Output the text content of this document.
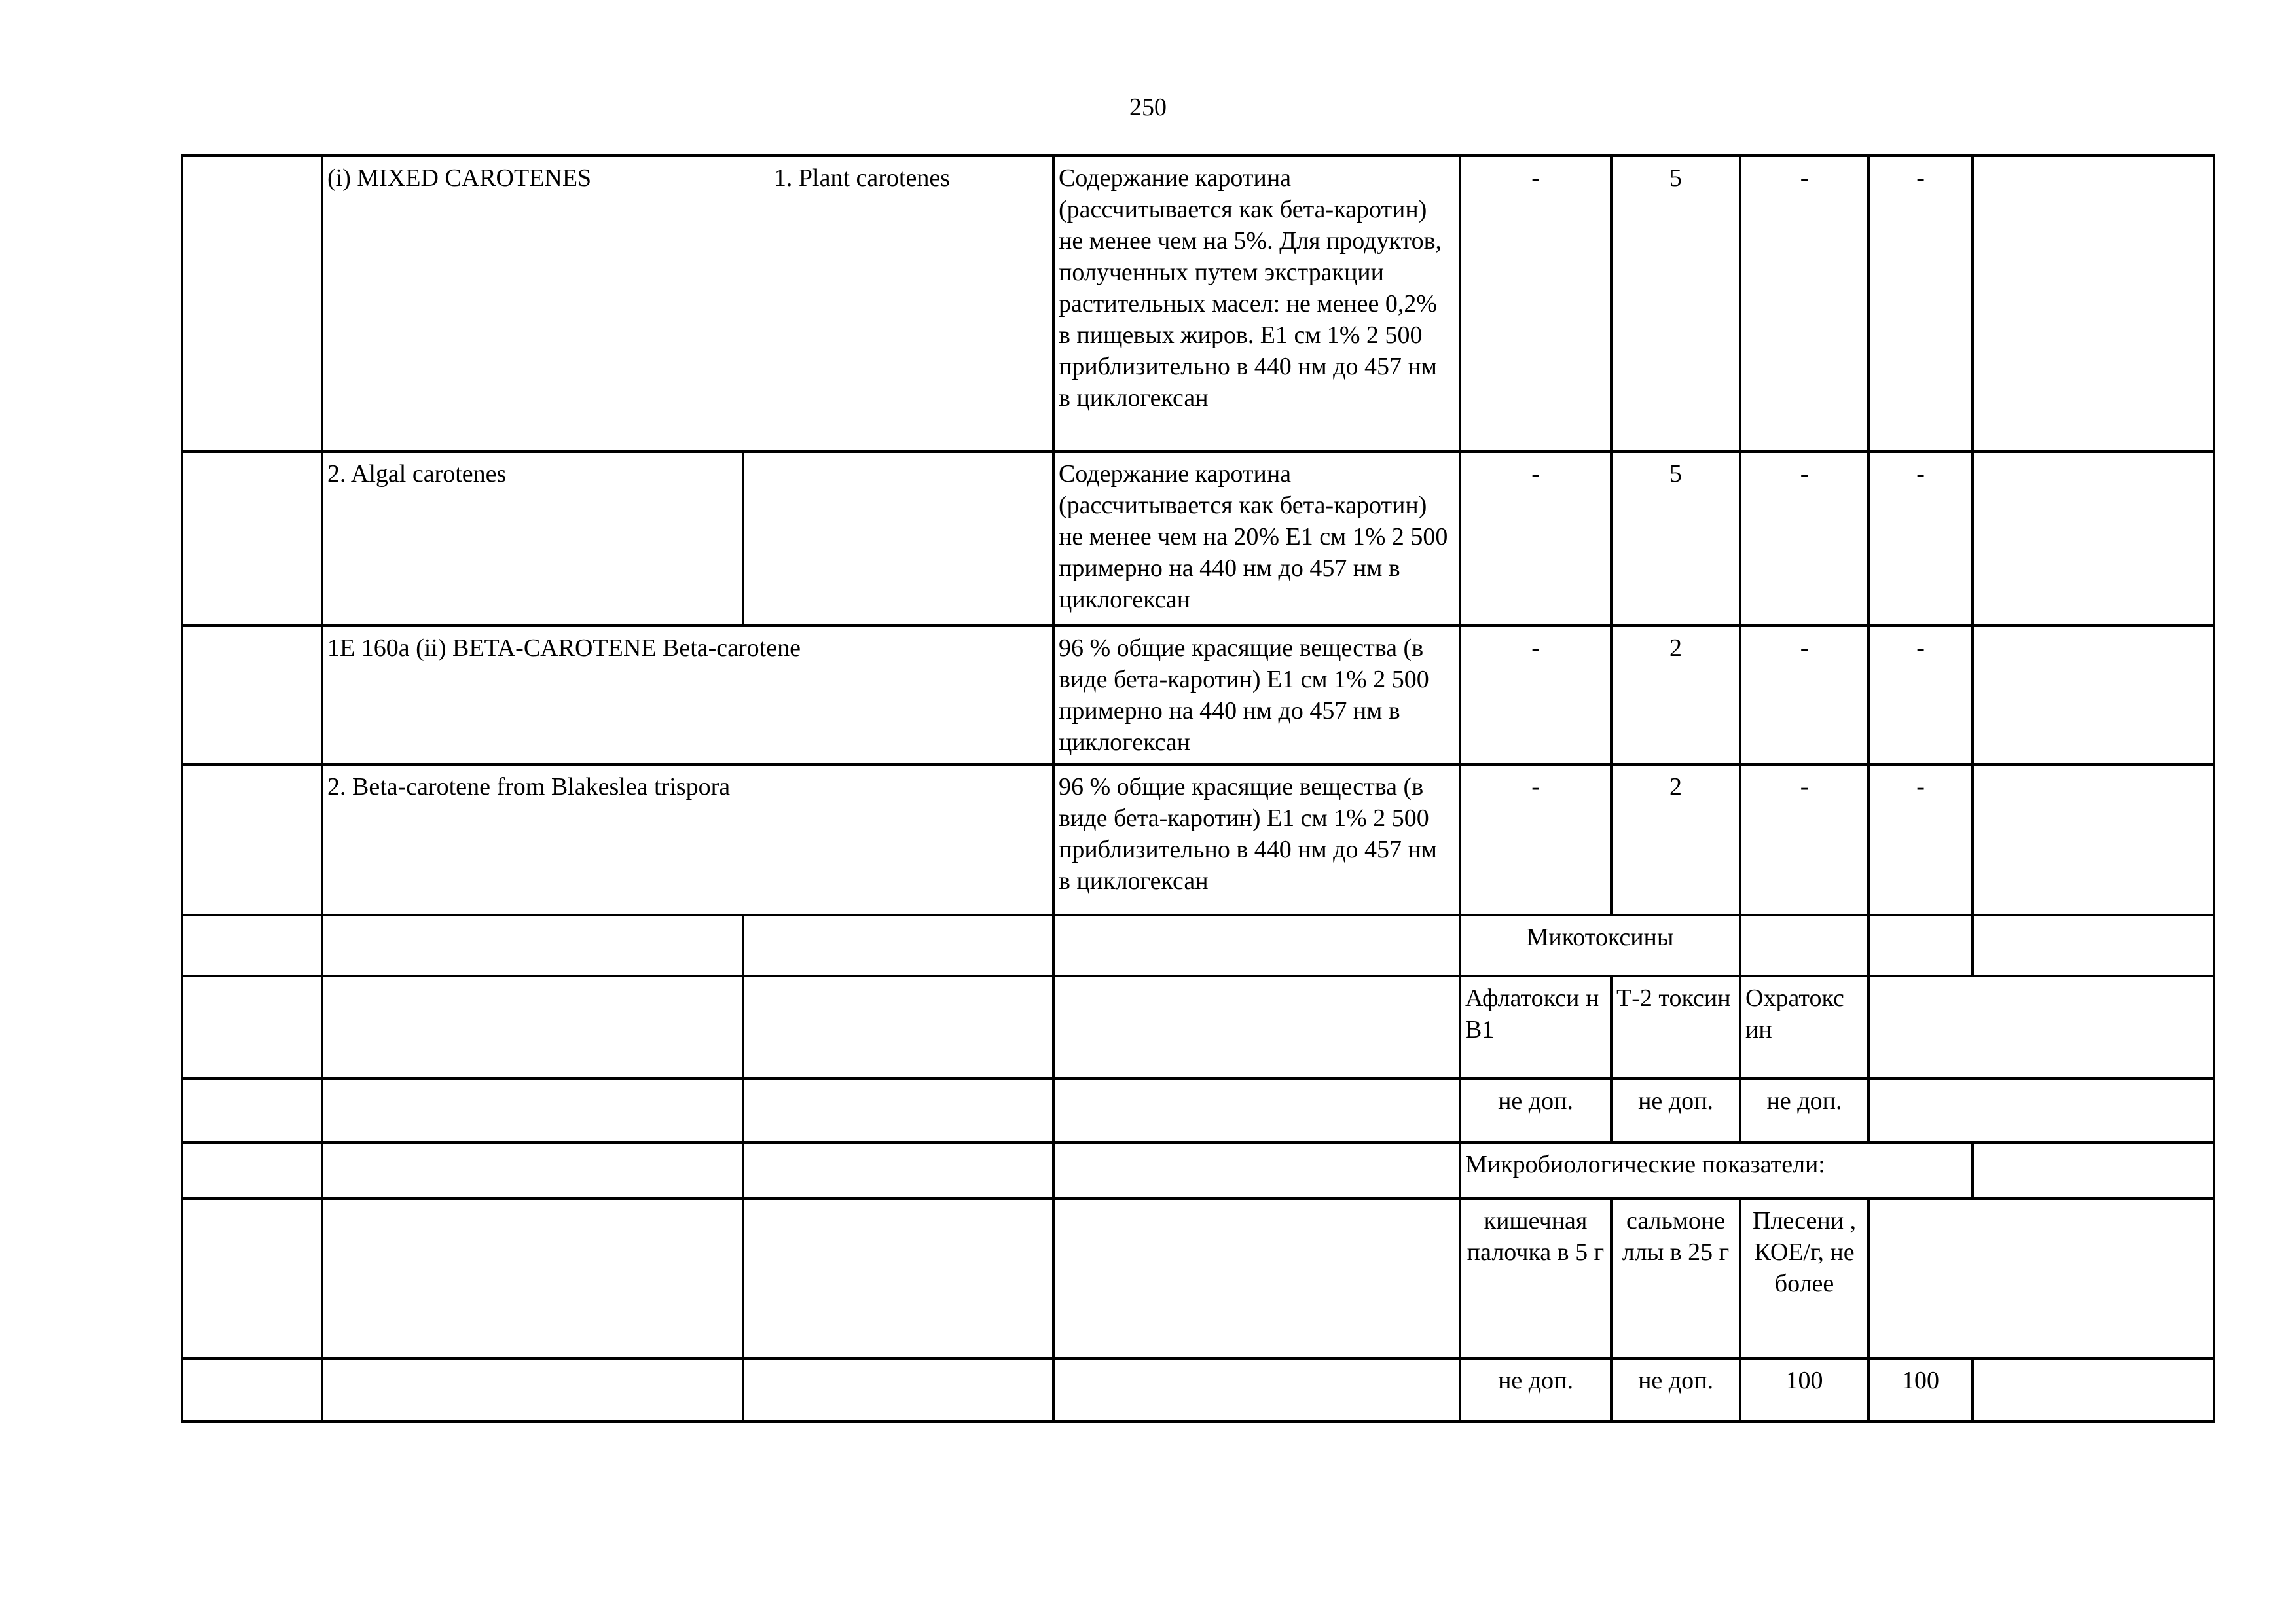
250

	(i) MIXED CAROTENES 1. Plant carotenes		Содержание каротина (рассчитывается как бета-каротин) не менее чем на 5%. Для продуктов, полученных путем экстракции растительных масел: не менее 0,2% в пищевых жиров. E1 см 1% 2 500 приблизительно в 440 нм до 457 нм в циклогексан	-	5	-	-	
	2. Algal carotenes		Содержание каротина (рассчитывается как бета-каротин) не менее чем на 20% E1 см 1% 2 500 примерно на 440 нм до 457 нм в циклогексан	-	5	-	-	
	1E 160a (ii) BETA-CAROTENE Beta-carotene		96 % общие красящие вещества (в виде бета-каротин) E1 см 1% 2 500 примерно на 440 нм до 457 нм в циклогексан	-	2	-	-	
	2. Beta-carotene from Blakeslea trispora		96 % общие красящие вещества (в виде бета-каротин) E1 см 1% 2 500 приблизительно в 440 нм до 457 нм в циклогексан	-	2	-	-	
				Микотоксины				
				Афлатокси н В1	Т-2 токсин	Охратокс ин		
				не доп.	не доп.	не доп.		
				Микробиологические показатели:				
				кишечная палочка в 5 г	сальмоне ллы в 25 г	Плесени , КОЕ/г, не более		
				не доп.	не доп.	100	100	
